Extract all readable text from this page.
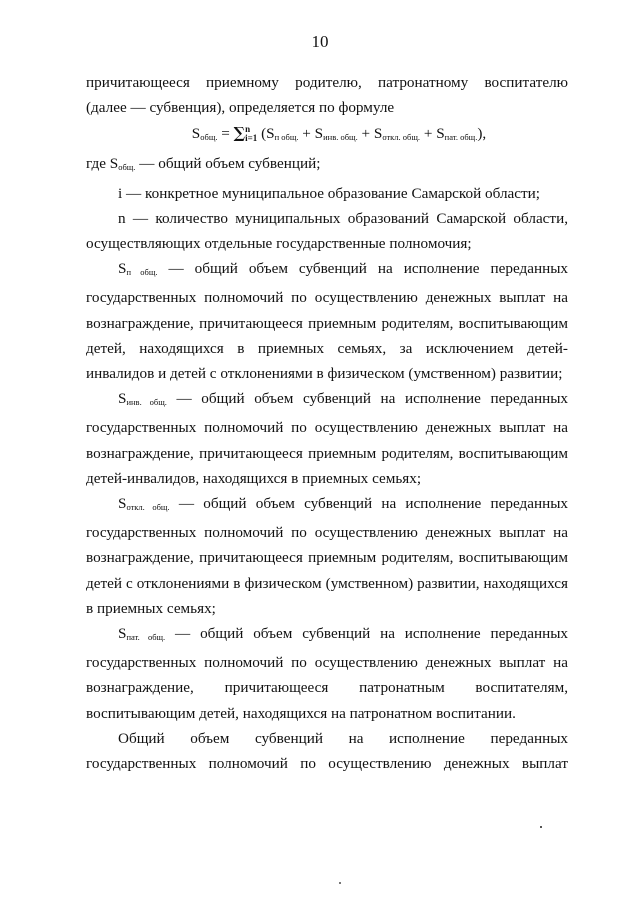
10

причитающееся приемному родителю, патронатному воспитателю

(далее — субвенция), определяется по формуле

$S_{общ.} = \sum^ni=1$ $(S_{п общ.} + S_{инв. общ.} + S_{откл. общ.} + S_{пат. общ.})$,

где $S_{общ.}$ — общий объем субвенций;

i — конкретное муниципальное образование Самарской области;

n — количество муниципальных образований Самарской области, осуществляющих отдельные государственные полномочия;

$S_{п общ.}$ — общий объем субвенций на исполнение переданных государственных полномочий по осуществлению денежных выплат на вознаграждение, причитающееся приемным родителям, воспитывающим детей, находящихся в приемных семьях, за исключением детей-инвалидов и детей с отклонениями в физическом (умственном) развитии;

$S_{инв. общ.}$ — общий объем субвенций на исполнение переданных государственных полномочий по осуществлению денежных выплат на вознаграждение, причитающееся приемным родителям, воспитывающим детей-инвалидов, находящихся в приемных семьях;

$S_{откл. общ.}$ — общий объем субвенций на исполнение переданных государственных полномочий по осуществлению денежных выплат на вознаграждение, причитающееся приемным родителям, воспитывающим детей с отклонениями в физическом (умственном) развитии, находящихся в приемных семьях;

$S_{пат. общ.}$ — общий объем субвенций на исполнение переданных государственных полномочий по осуществлению денежных выплат на вознаграждение, причитающееся патронатным воспитателям, воспитывающим детей, находящихся на патронатном воспитании.

Общий объем субвенций на исполнение переданных государственных полномочий по осуществлению денежных выплат
